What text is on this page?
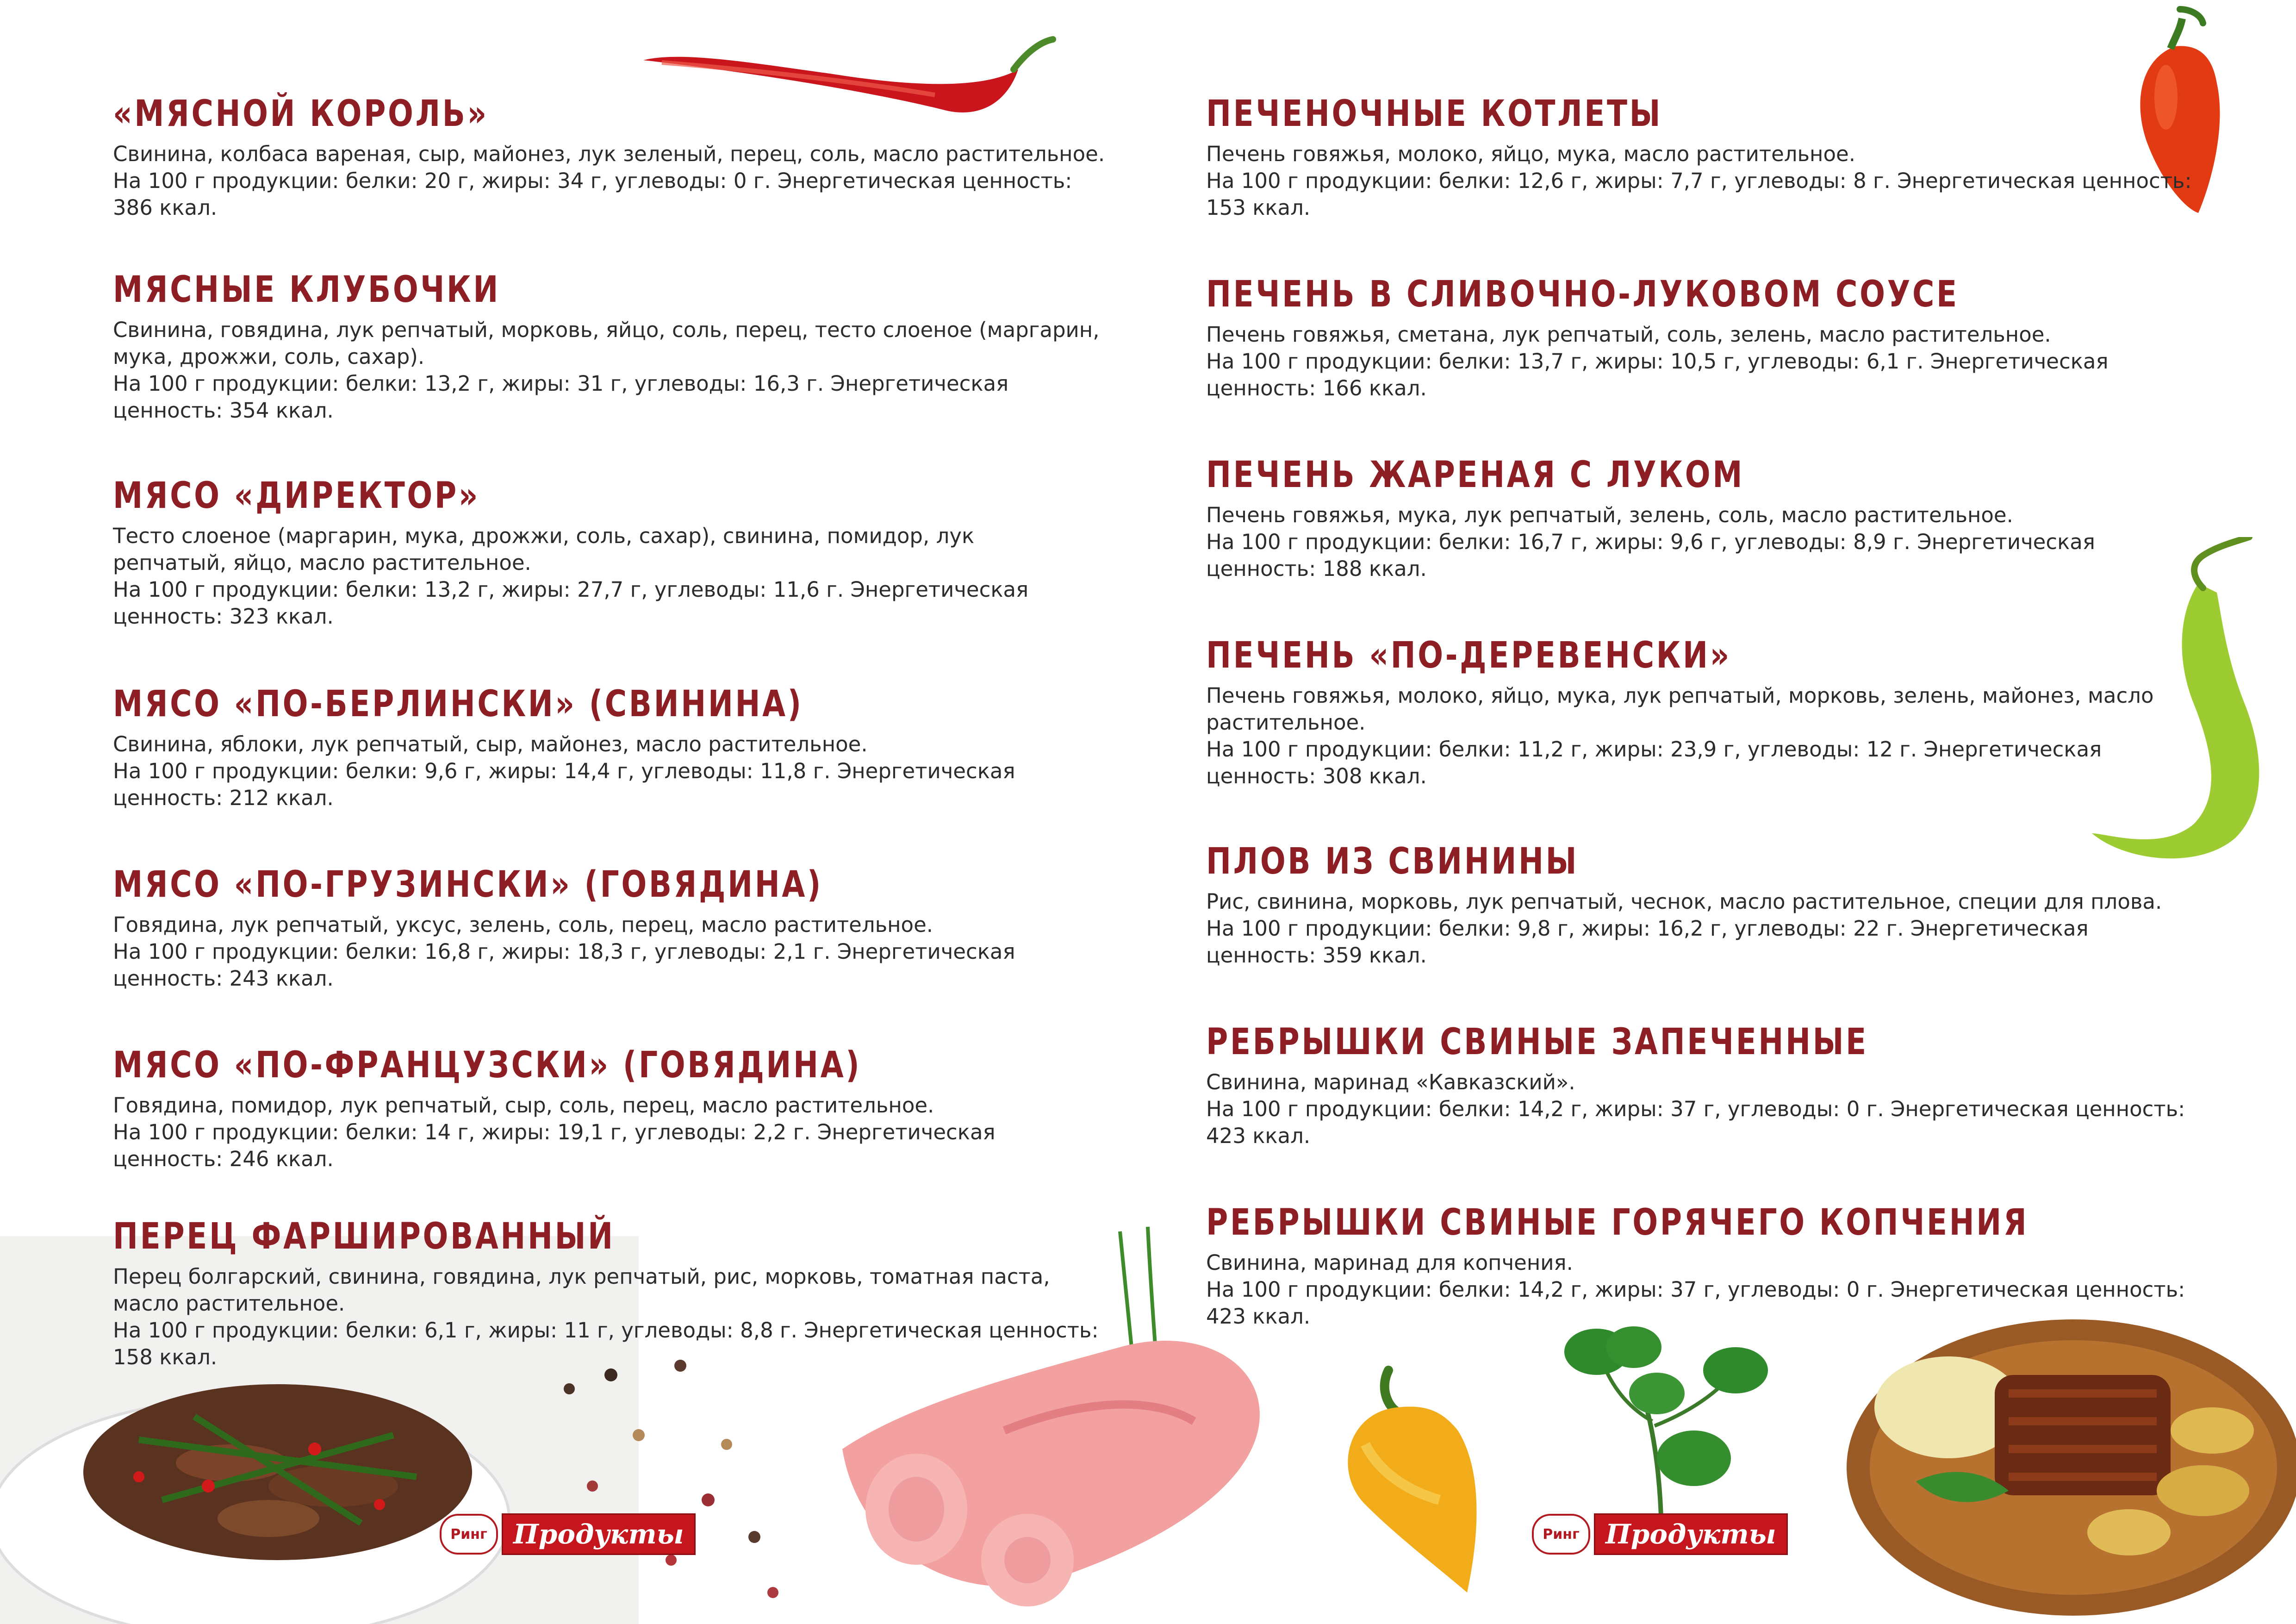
Ринг Продукты	Ринг Продукты
«МЯСНОЙ КОРОЛЬ»

Свинина, колбаса вареная, сыр, майонез, лук зеленый, перец, соль, масло растительное.
На 100 г продукции: белки: 20 г, жиры: 34 г, углеводы: 0 г. Энергетическая ценность:
386 ккал.

МЯСНЫЕ КЛУБОЧКИ

Свинина, говядина, лук репчатый, морковь, яйцо, соль, перец, тесто слоеное (маргарин,
мука, дрожжи, соль, сахар).
На 100 г продукции: белки: 13,2 г, жиры: 31 г, углеводы: 16,3 г. Энергетическая
ценность: 354 ккал.

МЯСО «ДИРЕКТОР»

Тесто слоеное (маргарин, мука, дрожжи, соль, сахар), свинина, помидор, лук
репчатый, яйцо, масло растительное.
На 100 г продукции: белки: 13,2 г, жиры: 27,7 г, углеводы: 11,6 г. Энергетическая
ценность: 323 ккал.

МЯСО «ПО-БЕРЛИНСКИ» (СВИНИНА)

Свинина, яблоки, лук репчатый, сыр, майонез, масло растительное.
На 100 г продукции: белки: 9,6 г, жиры: 14,4 г, углеводы: 11,8 г. Энергетическая
ценность: 212 ккал.

МЯСО «ПО-ГРУЗИНСКИ» (ГОВЯДИНА)

Говядина, лук репчатый, уксус, зелень, соль, перец, масло растительное.
На 100 г продукции: белки: 16,8 г, жиры: 18,3 г, углеводы: 2,1 г. Энергетическая
ценность: 243 ккал.

МЯСО «ПО-ФРАНЦУЗСКИ» (ГОВЯДИНА)

Говядина, помидор, лук репчатый, сыр, соль, перец, масло растительное.
На 100 г продукции: белки: 14 г, жиры: 19,1 г, углеводы: 2,2 г. Энергетическая
ценность: 246 ккал.

ПЕРЕЦ ФАРШИРОВАННЫЙ

Перец болгарский, свинина, говядина, лук репчатый, рис, морковь, томатная паста,
масло растительное.
На 100 г продукции: белки: 6,1 г, жиры: 11 г, углеводы: 8,8 г. Энергетическая ценность:
158 ккал.

ПЕЧЕНОЧНЫЕ КОТЛЕТЫ

Печень говяжья, молоко, яйцо, мука, масло растительное.
На 100 г продукции: белки: 12,6 г, жиры: 7,7 г, углеводы: 8 г. Энергетическая ценность:
153 ккал.

ПЕЧЕНЬ В СЛИВОЧНО-ЛУКОВОМ СОУСЕ

Печень говяжья, сметана, лук репчатый, соль, зелень, масло растительное.
На 100 г продукции: белки: 13,7 г, жиры: 10,5 г, углеводы: 6,1 г. Энергетическая
ценность: 166 ккал.

ПЕЧЕНЬ ЖАРЕНАЯ С ЛУКОМ

Печень говяжья, мука, лук репчатый, зелень, соль, масло растительное.
На 100 г продукции: белки: 16,7 г, жиры: 9,6 г, углеводы: 8,9 г. Энергетическая
ценность: 188 ккал.

ПЕЧЕНЬ «ПО-ДЕРЕВЕНСКИ»

Печень говяжья, молоко, яйцо, мука, лук репчатый, морковь, зелень, майонез, масло
растительное.
На 100 г продукции: белки: 11,2 г, жиры: 23,9 г, углеводы: 12 г. Энергетическая
ценность: 308 ккал.

ПЛОВ ИЗ СВИНИНЫ

Рис, свинина, морковь, лук репчатый, чеснок, масло растительное, специи для плова.
На 100 г продукции: белки: 9,8 г, жиры: 16,2 г, углеводы: 22 г. Энергетическая
ценность: 359 ккал.

РЕБРЫШКИ СВИНЫЕ ЗАПЕЧЕННЫЕ

Свинина, маринад «Кавказский».
На 100 г продукции: белки: 14,2 г, жиры: 37 г, углеводы: 0 г. Энергетическая ценность:
423 ккал.

РЕБРЫШКИ СВИНЫЕ ГОРЯЧЕГО КОПЧЕНИЯ

Свинина, маринад для копчения.
На 100 г продукции: белки: 14,2 г, жиры: 37 г, углеводы: 0 г. Энергетическая ценность:
423 ккал.
